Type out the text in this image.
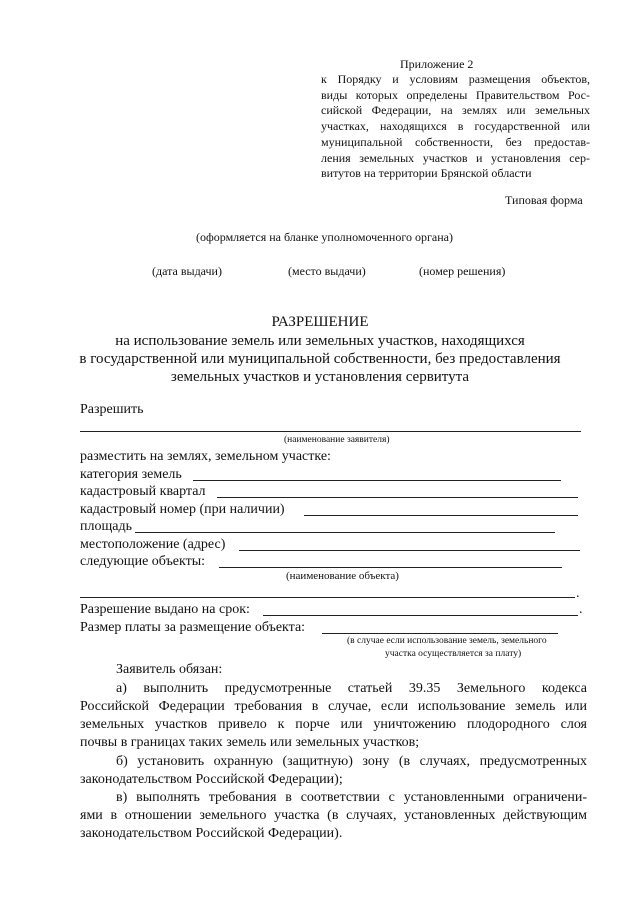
Приложение 2
к Порядку и условиям размещения объектов,
виды которых определены Правительством Рос-
сийской Федерации, на землях или земельных
участках, находящихся в государственной или
муниципальной собственности, без предостав-
ления земельных участков и установления сер-
витутов на территории Брянской области
Типовая форма
(оформляется на бланке уполномоченного органа)
(дата выдачи)	(место выдачи)	(номер решения)
РАЗРЕШЕНИЕ
на использование земель или земельных участков, находящихся
в государственной или муниципальной собственности, без предоставления
земельных участков и установления сервитута
Разрешить
(наименование заявителя)
разместить на землях, земельном участке:
категория земель
кадастровый квартал
кадастровый номер (при наличии)
площадь
местоположение (адрес)
следующие объекты:
(наименование объекта)
.
Разрешение выдано на срок:	.
Размер платы за размещение объекта:
(в случае если использование земель, земельного
участка осуществляется за плату)
Заявитель обязан:
а) выполнить предусмотренные статьей 39.35 Земельного кодекса
Российской Федерации требования в случае, если использование земель или
земельных участков привело к порче или уничтожению плодородного слоя
почвы в границах таких земель или земельных участков;
б) установить охранную (защитную) зону (в случаях, предусмотренных
законодательством Российской Федерации);
в) выполнять требования в соответствии с установленными ограничени-
ями в отношении земельного участка (в случаях, установленных действующим
законодательством Российской Федерации).
